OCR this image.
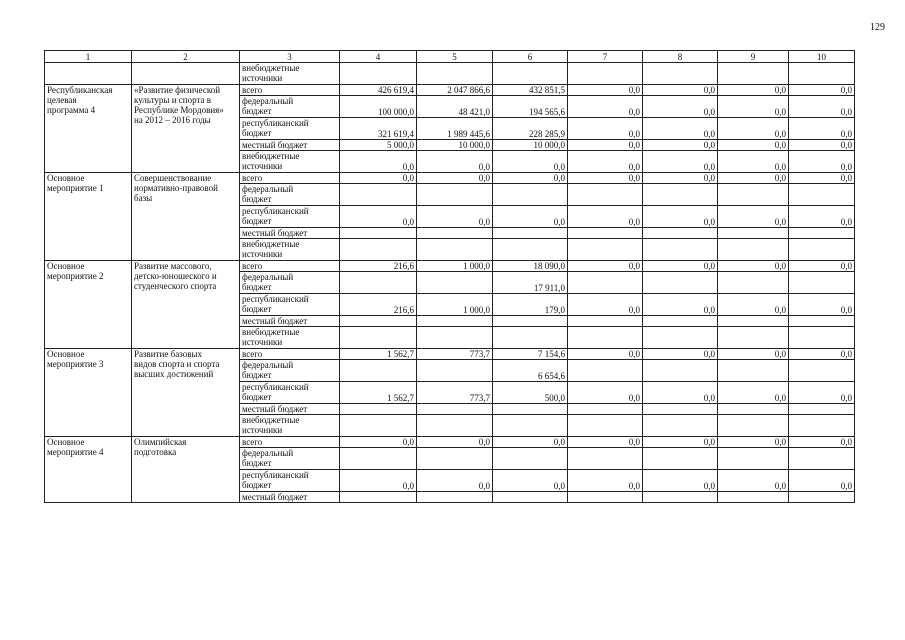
129
1	2	3	4	5	6	7	8	9	10
		внебюджетные
источники							
Республиканская
целевая
программа 4	«Развитие физической
культуры и спорта в
Республике Мордовия»
на 2012 – 2016 годы	всего	426 619,4	2 047 866,6	432 851,5	0,0	0,0	0,0	0,0
		федеральный
бюджет	100 000,0	48 421,0	194 565,6	0,0	0,0	0,0	0,0
		республиканский
бюджет	321 619,4	1 989 445,6	228 285,9	0,0	0,0	0,0	0,0
		местный бюджет	5 000,0	10 000,0	10 000,0	0,0	0,0	0,0	0,0
		внебюджетные
источники	0,0	0,0	0,0	0,0	0,0	0,0	0,0
Основное
мероприятие 1	Совершенствование
нормативно-правовой
базы	всего	0,0	0,0	0,0	0,0	0,0	0,0	0,0
		федеральный
бюджет							
		республиканский
бюджет	0,0	0,0	0,0	0,0	0,0	0,0	0,0
		местный бюджет							
		внебюджетные
источники							
Основное
мероприятие 2	Развитие массового,
детско-юношеского и
студенческого спорта	всего	216,6	1 000,0	18 090,0	0,0	0,0	0,0	0,0
		федеральный
бюджет			17 911,0				
		республиканский
бюджет	216,6	1 000,0	179,0	0,0	0,0	0,0	0,0
		местный бюджет							
		внебюджетные
источники							
Основное
мероприятие 3	Развитие базовых
видов спорта и спорта
высших достижений	всего	1 562,7	773,7	7 154,6	0,0	0,0	0,0	0,0
		федеральный
бюджет			6 654,6				
		республиканский
бюджет	1 562,7	773,7	500,0	0,0	0,0	0,0	0,0
		местный бюджет							
		внебюджетные
источники							
Основное
мероприятие 4	Олимпийская
подготовка	всего	0,0	0,0	0,0	0,0	0,0	0,0	0,0
		федеральный
бюджет							
		республиканский
бюджет	0,0	0,0	0,0	0,0	0,0	0,0	0,0
		местный бюджет							
